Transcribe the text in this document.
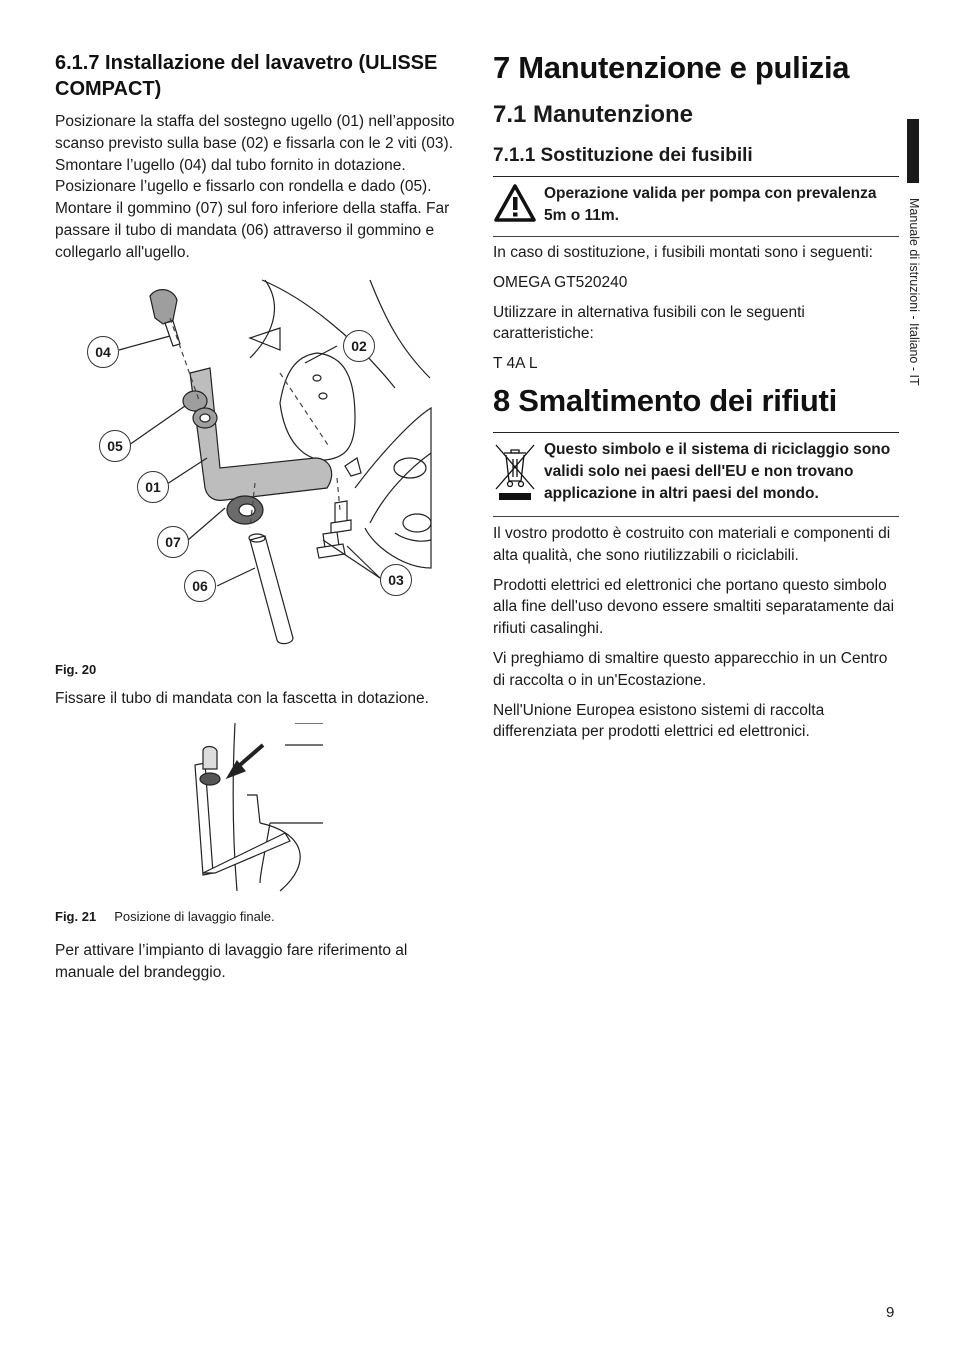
6.1.7 Installazione del lavavetro (ULISSE COMPACT)

Posizionare la staffa del sostegno ugello (01) nell’apposito scanso previsto sulla base (02) e fissarla con le 2 viti (03). Smontare l’ugello (04) dal tubo fornito in dotazione. Posizionare l’ugello e fissarlo con rondella e dado (05). Montare il gommino (07) sul foro inferiore della staffa. Far passare il tubo di mandata (06) attraverso il gommino e collegarlo all'ugello.

04	02
05
01
07
06	03
Fig. 20

Fissare il tubo di mandata con la fascetta in dotazione.

Fig. 21 Posizione di lavaggio finale.

Per attivare l’impianto di lavaggio fare riferimento al manuale del brandeggio.

7 Manutenzione e pulizia
7.1 Manutenzione
7.1.1 Sostituzione dei fusibili
Operazione valida per pompa con prevalenza 5m o 11m.

In caso di sostituzione, i fusibili montati sono i seguenti:

OMEGA GT520240

Utilizzare in alternativa fusibili con le seguenti caratteristiche:

T 4A L

8 Smaltimento dei rifiuti
Questo simbolo e il sistema di riciclaggio sono validi solo nei paesi dell'EU e non trovano applicazione in altri paesi del mondo.

Il vostro prodotto è costruito con materiali e componenti di alta qualità, che sono riutilizzabili o riciclabili.

Prodotti elettrici ed elettronici che portano questo simbolo alla fine dell'uso devono essere smaltiti separatamente dai rifiuti casalinghi.

Vi preghiamo di smaltire questo apparecchio in un Centro di raccolta o in un'Ecostazione.

Nell'Unione Europea esistono sistemi di raccolta differenziata per prodotti elettrici ed elettronici.

Manuale di istruzioni - Italiano - IT
9
